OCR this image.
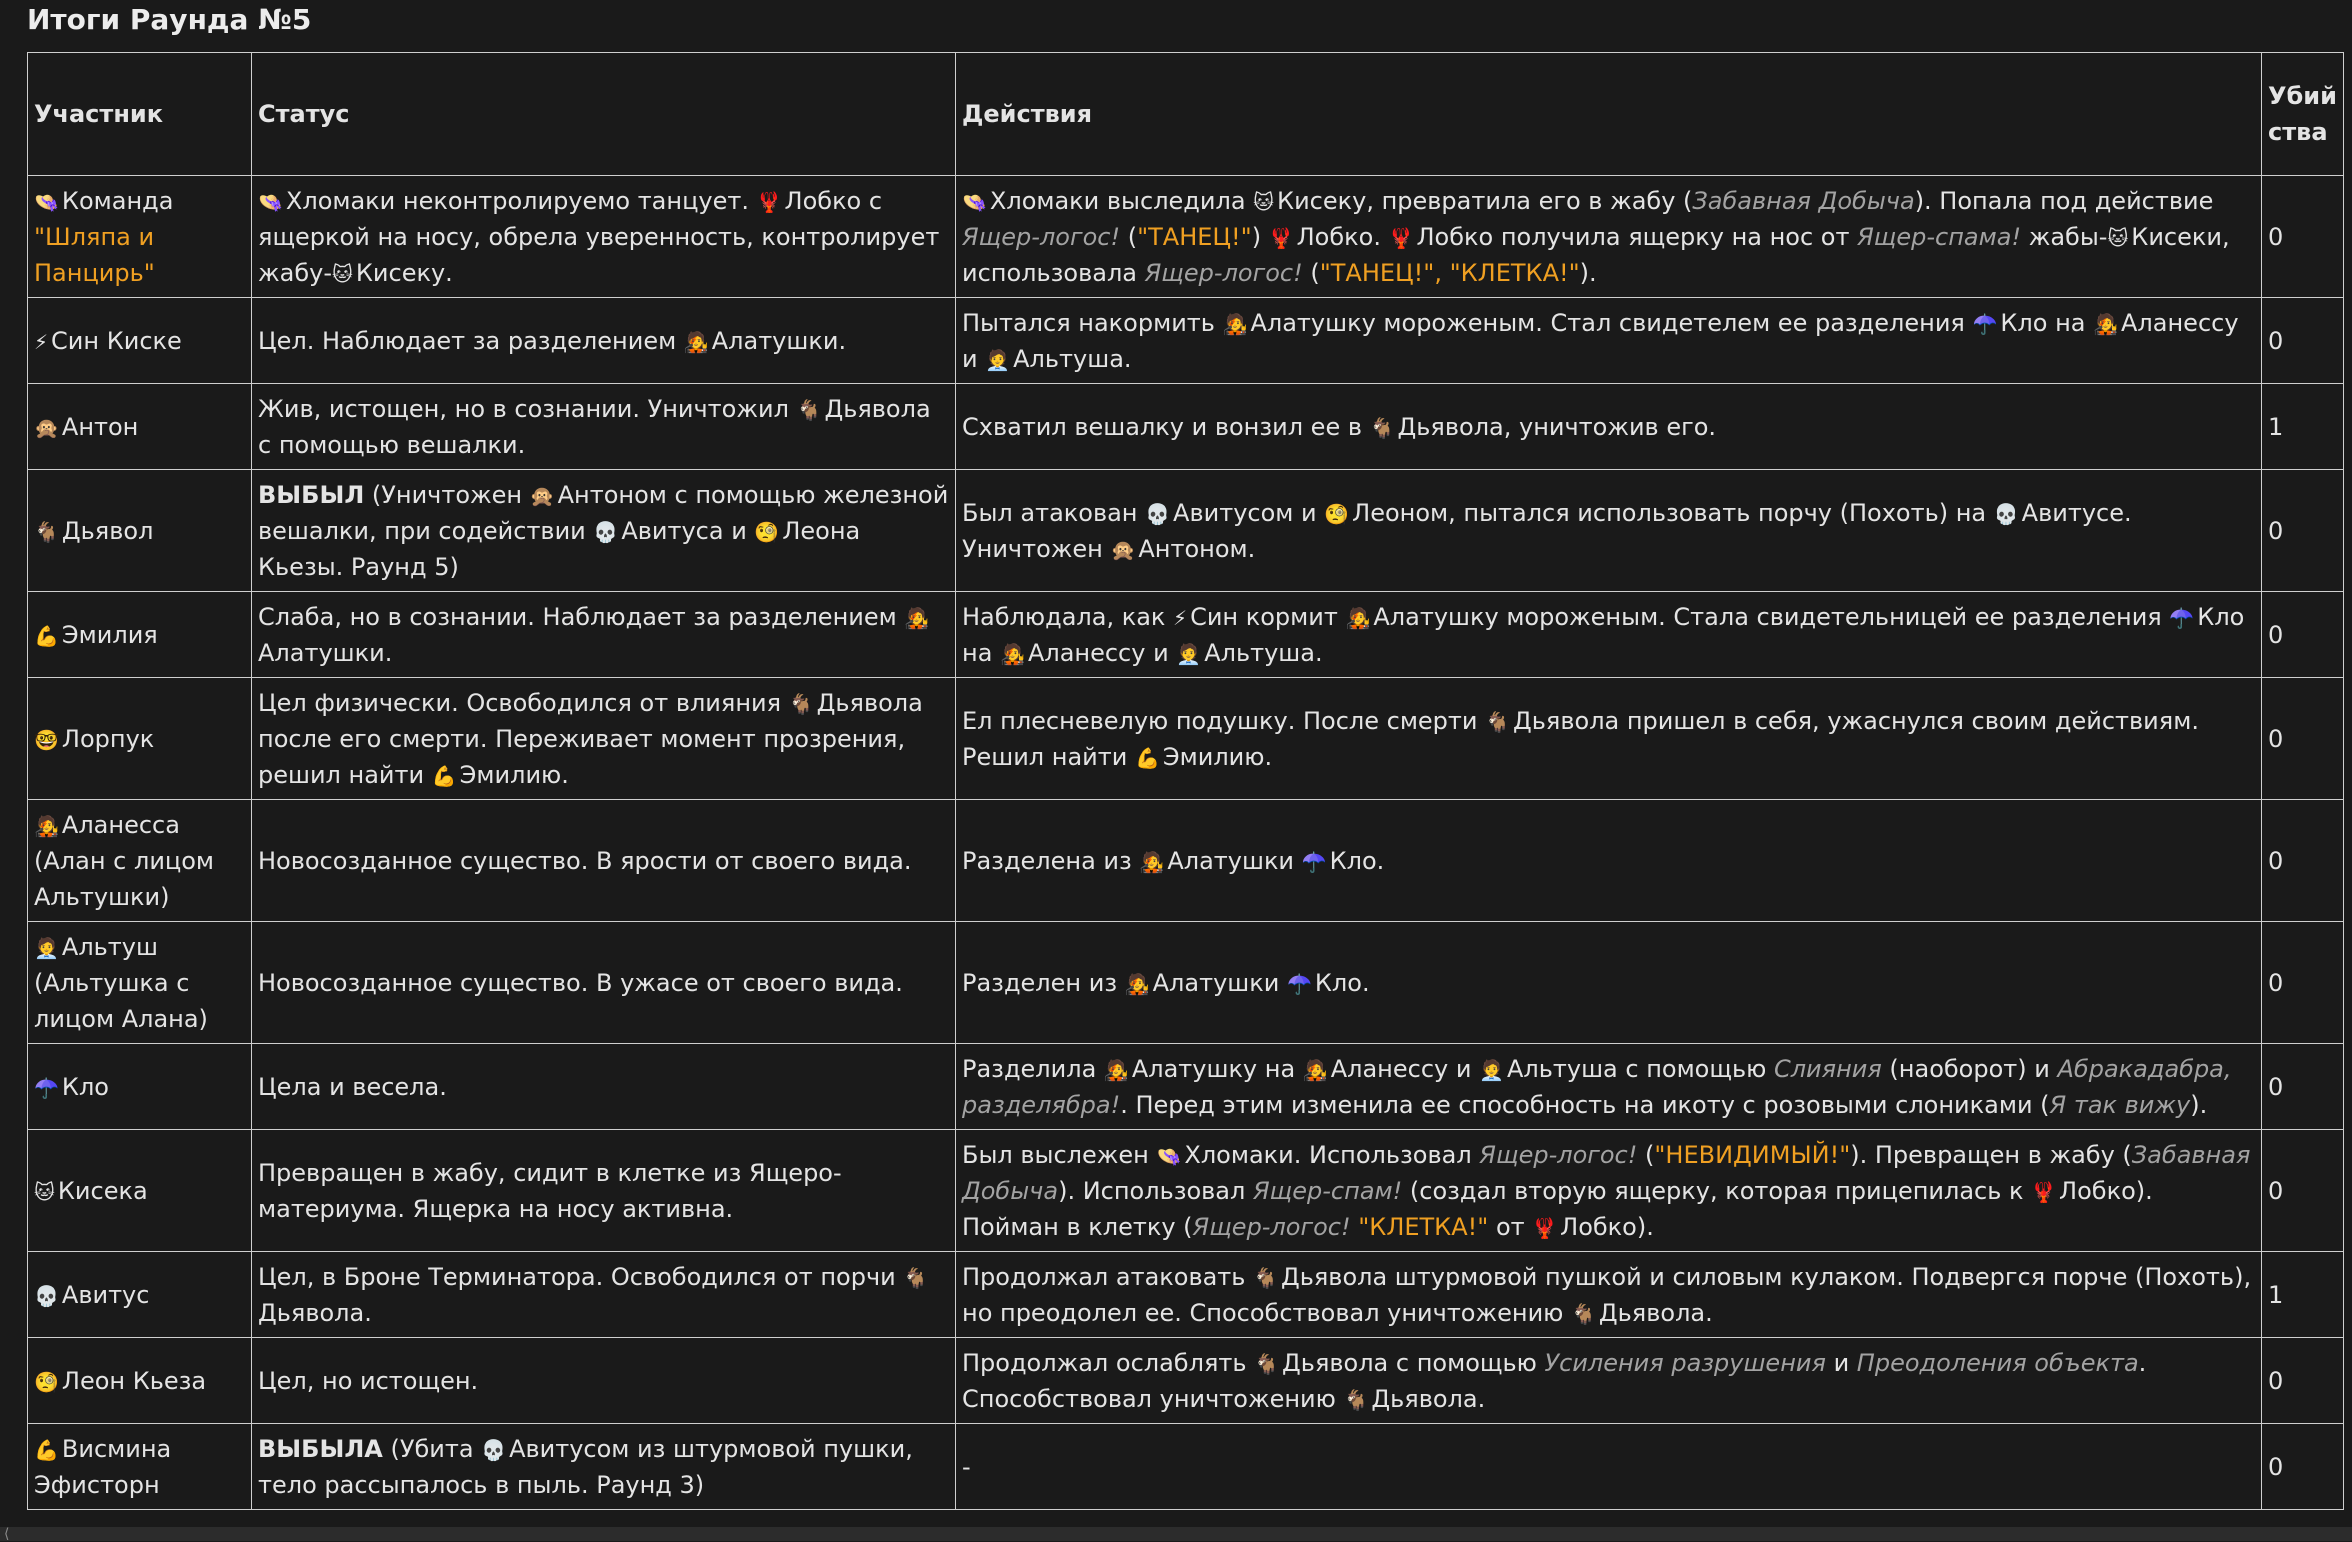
Итоги Раунда №5
Участник	Статус	Действия	Убийства
👒 Команда "Шляпа и Панцирь"	👒 Хломаки неконтролируемо танцует. 🦞 Лобко с ящеркой на носу, обрела уверенность, контролирует жабу-🐱 Кисеку.	👒 Хломаки выследила 🐱 Кисеку, превратила его в жабу (Забавная Добыча). Попала под действие Ящер-логос! ("ТАНЕЦ!") 🦞 Лобко. 🦞 Лобко получила ящерку на нос от Ящер-спама! жабы-🐱 Кисеки, использовала Ящер-логос! ("ТАНЕЦ!", "КЛЕТКА!").	0
⚡ Син Киске	Цел. Наблюдает за разделением 🧑‍🎤 Алатушки.	Пытался накормить 🧑‍🎤 Алатушку мороженым. Стал свидетелем ее разделения ☂️ Кло на 🧑‍🎤 Аланессу и 🧑‍💼 Альтуша.	0
🙊 Антон	Жив, истощен, но в сознании. Уничтожил 🐐 Дьявола с помощью вешалки.	Схватил вешалку и вонзил ее в 🐐 Дьявола, уничтожив его.	1
🐐 Дьявол	ВЫБЫЛ (Уничтожен 🙊 Антоном с помощью железной вешалки, при содействии 💀 Авитуса и 🧐 Леона Кьезы. Раунд 5)	Был атакован 💀 Авитусом и 🧐 Леоном, пытался использовать порчу (Похоть) на 💀 Авитусе. Уничтожен 🙊 Антоном.	0
💪 Эмилия	Слаба, но в сознании. Наблюдает за разделением 🧑‍🎤Алатушки.	Наблюдала, как ⚡ Син кормит 🧑‍🎤 Алатушку мороженым. Стала свидетельницей ее разделения ☂️ Кло на 🧑‍🎤 Аланессу и 🧑‍💼 Альтуша.	0
🤓 Лорпук	Цел физически. Освободился от влияния 🐐 Дьявола после его смерти. Переживает момент прозрения, решил найти 💪 Эмилию.	Ел плесневелую подушку. После смерти 🐐 Дьявола пришел в себя, ужаснулся своим действиям. Решил найти 💪 Эмилию.	0
🧑‍🎤 Аланесса (Алан с лицом Альтушки)	Новосозданное существо. В ярости от своего вида.	Разделена из 🧑‍🎤 Алатушки ☂️ Кло.	0
🧑‍💼 Альтуш (Альтушка с лицом Алана)	Новосозданное существо. В ужасе от своего вида.	Разделен из 🧑‍🎤 Алатушки ☂️ Кло.	0
☂️ Кло	Цела и весела.	Разделила 🧑‍🎤 Алатушку на 🧑‍🎤 Аланессу и 🧑‍💼 Альтуша с помощью Слияния (наоборот) и Абракадабра, разделябра!. Перед этим изменила ее способность на икоту с розовыми слониками (Я так вижу).	0
🐱 Кисека	Превращен в жабу, сидит в клетке из Ящеро-материума. Ящерка на носу активна.	Был выслежен 👒 Хломаки. Использовал Ящер-логос! ("НЕВИДИМЫЙ!"). Превращен в жабу (Забавная Добыча). Использовал Ящер-спам! (создал вторую ящерку, которая прицепилась к 🦞 Лобко). Пойман в клетку (Ящер-логос! "КЛЕТКА!" от 🦞 Лобко).	0
💀 Авитус	Цел, в Броне Терминатора. Освободился от порчи 🐐Дьявола.	Продолжал атаковать 🐐 Дьявола штурмовой пушкой и силовым кулаком. Подвергся порче (Похоть), но преодолел ее. Способствовал уничтожению 🐐 Дьявола.	1
🧐 Леон Кьеза	Цел, но истощен.	Продолжал ослаблять 🐐 Дьявола с помощью Усиления разрушения и Преодоления объекта. Способствовал уничтожению 🐐 Дьявола.	0
💪 Висмина Эфисторн	ВЫБЫЛА (Убита 💀 Авитусом из штурмовой пушки, тело рассыпалось в пыль. Раунд 3)	-	0
⟨
